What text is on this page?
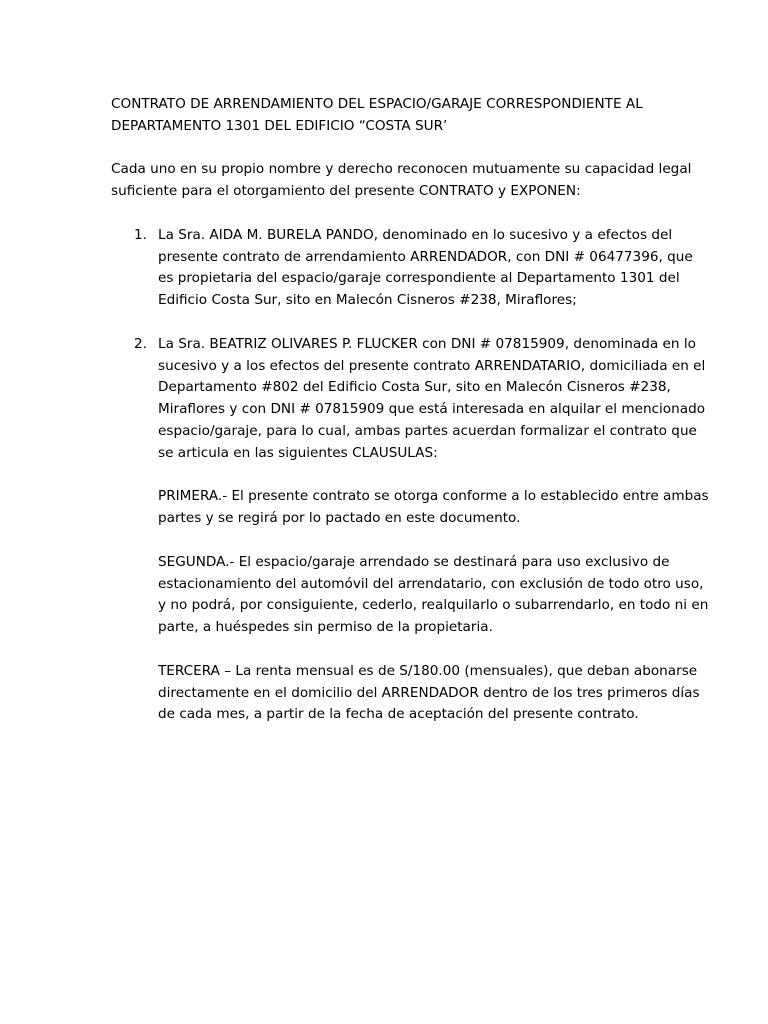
CONTRATO DE ARRENDAMIENTO DEL ESPACIO/GARAJE CORRESPONDIENTE AL DEPARTAMENTO 1301 DEL EDIFICIO “COSTA SUR’

Cada uno en su propio nombre y derecho reconocen mutuamente su capacidad legal suficiente para el otorgamiento del presente CONTRATO y EXPONEN:

1. La Sra. AIDA M. BURELA PANDO, denominado en lo sucesivo y a efectos del presente contrato de arrendamiento ARRENDADOR, con DNI # 06477396, que es propietaria del espacio/garaje correspondiente al Departamento 1301 del Edificio Costa Sur, sito en Malecón Cisneros #238, Miraflores;
2. La Sra. BEATRIZ OLIVARES P. FLUCKER con DNI # 07815909, denominada en lo sucesivo y a los efectos del presente contrato ARRENDATARIO, domiciliada en el Departamento #802 del Edificio Costa Sur, sito en Malecón Cisneros #238, Miraflores y con DNI # 07815909 que está interesada en alquilar el mencionado espacio/garaje, para lo cual, ambas partes acuerdan formalizar el contrato que se articula en las siguientes CLAUSULAS:

PRIMERA.- El presente contrato se otorga conforme a lo establecido entre ambas partes y se regirá por lo pactado en este documento.

SEGUNDA.- El espacio/garaje arrendado se destinará para uso exclusivo de estacionamiento del automóvil del arrendatario, con exclusión de todo otro uso, y no podrá, por consiguiente, cederlo, realquilarlo o subarrendarlo, en todo ni en parte, a huéspedes sin permiso de la propietaria.

TERCERA – La renta mensual es de S/180.00 (mensuales), que deban abonarse directamente en el domicilio del ARRENDADOR dentro de los tres primeros días de cada mes, a partir de la fecha de aceptación del presente contrato.
